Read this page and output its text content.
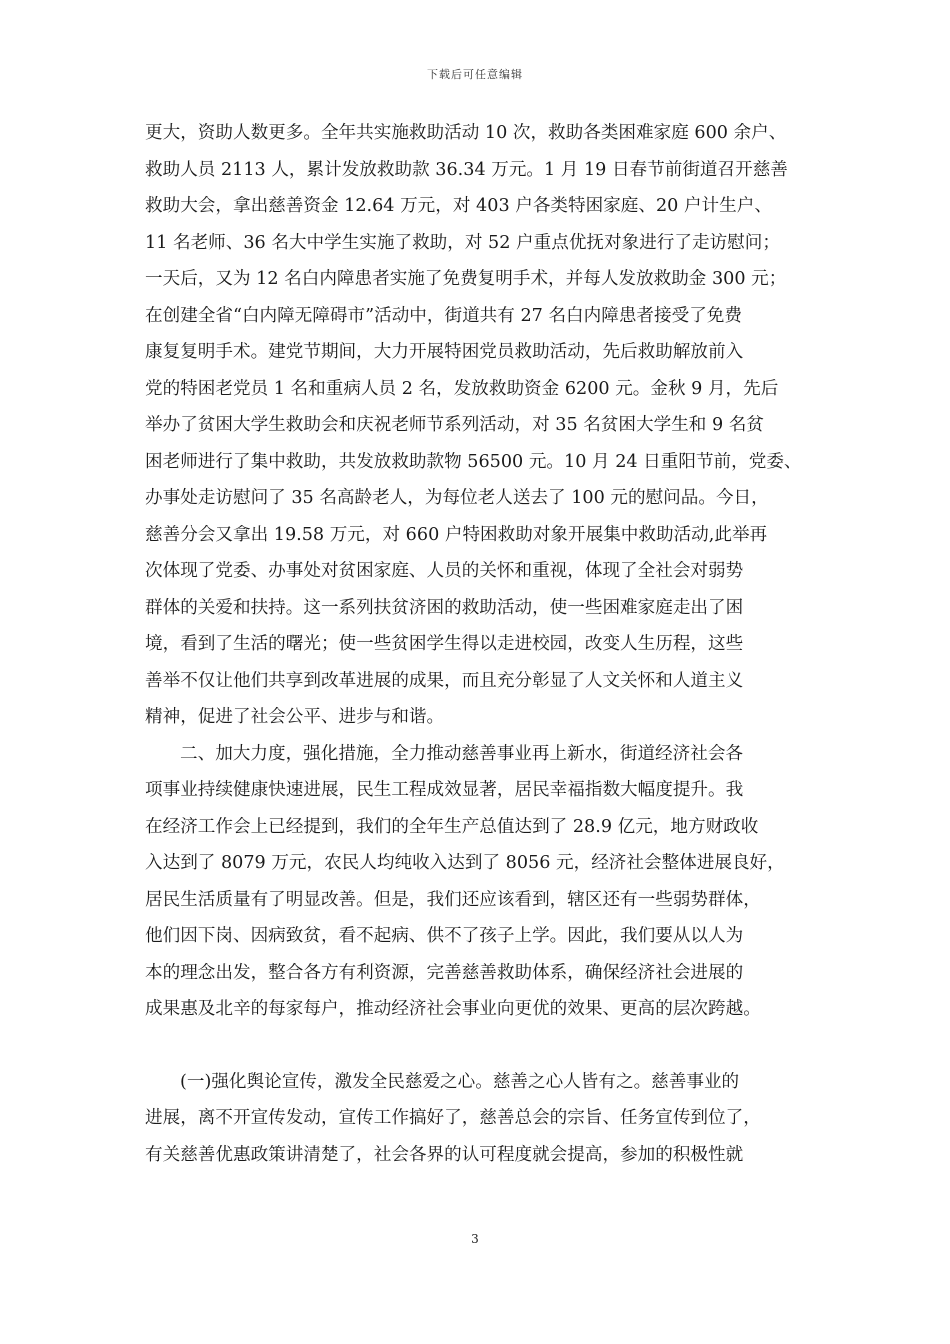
下载后可任意编辑
更大，资助人数更多。全年共实施救助活动 10 次，救助各类困难家庭 600 余户、
救助人员 2113 人，累计发放救助款 36.34 万元。1 月 19 日春节前街道召开慈善
救助大会，拿出慈善资金 12.64 万元，对 403 户各类特困家庭、20 户计生户、
11 名老师、36 名大中学生实施了救助，对 52 户重点优抚对象进行了走访慰问；
一天后，又为 12 名白内障患者实施了免费复明手术，并每人发放救助金 300 元；
在创建全省“白内障无障碍市”活动中，街道共有 27 名白内障患者接受了免费
康复复明手术。建党节期间，大力开展特困党员救助活动，先后救助解放前入
党的特困老党员 1 名和重病人员 2 名，发放救助资金 6200 元。金秋 9 月，先后
举办了贫困大学生救助会和庆祝老师节系列活动，对 35 名贫困大学生和 9 名贫
困老师进行了集中救助，共发放救助款物 56500 元。10 月 24 日重阳节前，党委、
办事处走访慰问了 35 名高龄老人，为每位老人送去了 100 元的慰问品。今日，
慈善分会又拿出 19.58 万元，对 660 户特困救助对象开展集中救助活动,此举再
次体现了党委、办事处对贫困家庭、人员的关怀和重视，体现了全社会对弱势
群体的关爱和扶持。这一系列扶贫济困的救助活动，使一些困难家庭走出了困
境，看到了生活的曙光；使一些贫困学生得以走进校园，改变人生历程，这些
善举不仅让他们共享到改革进展的成果，而且充分彰显了人文关怀和人道主义
精神，促进了社会公平、进步与和谐。
二、加大力度，强化措施，全力推动慈善事业再上新水，街道经济社会各
项事业持续健康快速进展，民生工程成效显著，居民幸福指数大幅度提升。我
在经济工作会上已经提到，我们的全年生产总值达到了 28.9 亿元，地方财政收
入达到了 8079 万元，农民人均纯收入达到了 8056 元，经济社会整体进展良好，
居民生活质量有了明显改善。但是，我们还应该看到，辖区还有一些弱势群体，
他们因下岗、因病致贫，看不起病、供不了孩子上学。因此，我们要从以人为
本的理念出发，整合各方有利资源，完善慈善救助体系，确保经济社会进展的
成果惠及北辛的每家每户，推动经济社会事业向更优的效果、更高的层次跨越。
(一)强化舆论宣传，激发全民慈爱之心。慈善之心人皆有之。慈善事业的
进展，离不开宣传发动，宣传工作搞好了，慈善总会的宗旨、任务宣传到位了，
有关慈善优惠政策讲清楚了，社会各界的认可程度就会提高，参加的积极性就
3
